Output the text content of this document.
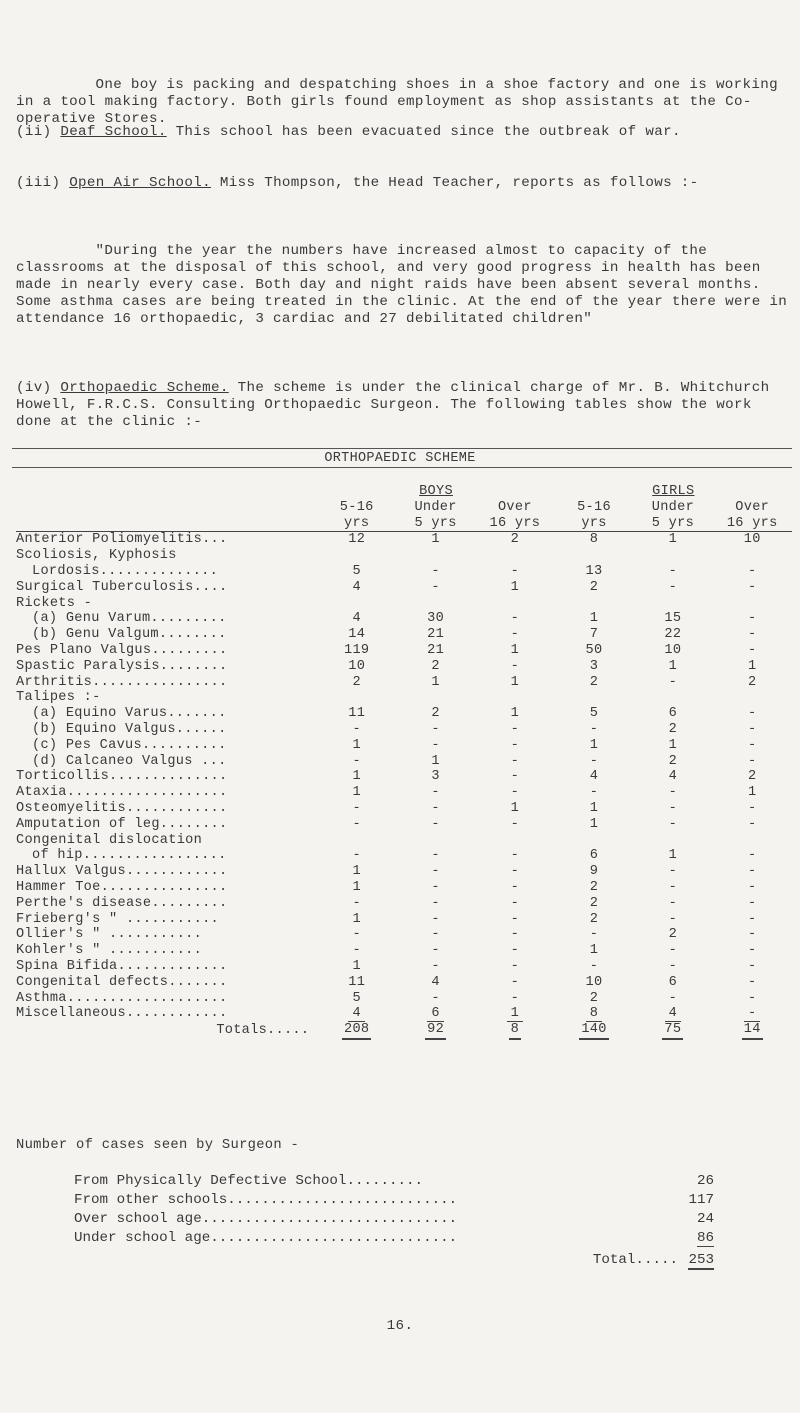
One boy is packing and despatching shoes in a shoe factory and one is working in a tool making factory. Both girls found employment as shop assistants at the Co-operative Stores.

(ii) Deaf School. This school has been evacuated since the outbreak of war.
(iii) Open Air School. Miss Thompson, the Head Teacher, reports as follows :-

"During the year the numbers have increased almost to capacity of the classrooms at the disposal of this school, and very good progress in health has been made in nearly every case. Both day and night raids have been absent several months. Some asthma cases are being treated in the clinic. At the end of the year there were in attendance 16 orthopaedic, 3 cardiac and 27 debilitated children"

(iv) Orthopaedic Scheme. The scheme is under the clinical charge of Mr. B. Whitchurch Howell, F.R.C.S. Consulting Orthopaedic Surgeon. The following tables show the work done at the clinic :-
ORTHOPAEDIC SCHEME
	BOYS			GIRLS		
	5-16	Under	Over	5-16	Under	Over
	yrs	5 yrs	16 yrs	yrs	5 yrs	16 yrs
Anterior Poliomyelitis...	12	1	2	8	1	10
Scoliosis, Kyphosis						
Lordosis..............	5	-	-	13	-	-
Surgical Tuberculosis....	4	-	1	2	-	-
Rickets -						
(a) Genu Varum.........	4	30	-	1	15	-
(b) Genu Valgum........	14	21	-	7	22	-
Pes Plano Valgus.........	119	21	1	50	10	-
Spastic Paralysis........	10	2	-	3	1	1
Arthritis................	2	1	1	2	-	2
Talipes :-						
(a) Equino Varus.......	11	2	1	5	6	-
(b) Equino Valgus......	-	-	-	-	2	-
(c) Pes Cavus..........	1	-	-	1	1	-
(d) Calcaneo Valgus ...	-	1	-	-	2	-
Torticollis..............	1	3	-	4	4	2
Ataxia...................	1	-	-	-	-	1
Osteomyelitis............	-	-	1	1	-	-
Amputation of leg........	-	-	-	1	-	-
Congenital dislocation						
of hip.................	-	-	-	6	1	-
Hallux Valgus............	1	-	-	9	-	-
Hammer Toe...............	1	-	-	2	-	-
Perthe's disease.........	-	-	-	2	-	-
Frieberg's " ...........	1	-	-	2	-	-
Ollier's " ...........	-	-	-	-	2	-
Kohler's " ...........	-	-	-	1	-	-
Spina Bifida.............	1	-	-	-	-	-
Congenital defects.......	11	4	-	10	6	-
Asthma...................	5	-	-	2	-	-
Miscellaneous............	4	6	1	8	4	-
Totals.....	208	92	8	140	75	14
Number of cases seen by Surgeon -
From Physically Defective School.........	26
From other schools...........................	117
Over school age..............................	24
Under school age.............................	86
Total..... 253
16.
